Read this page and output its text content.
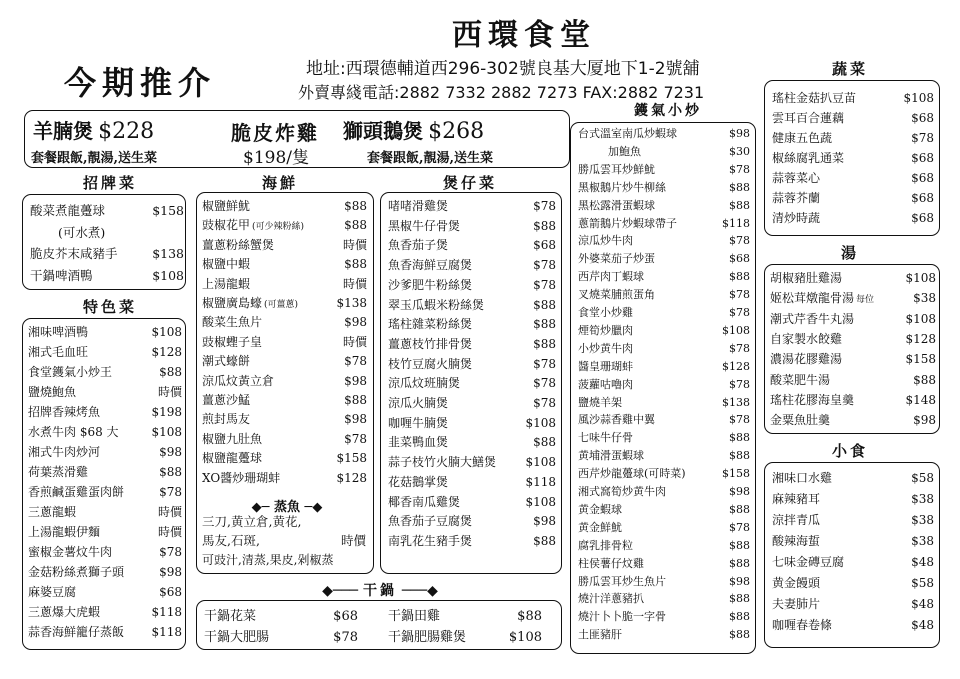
西環食堂
今期推介	地址:西環德輔道西296-302號良基大厦地下1-2號舖
外賣專綫電話:2882 7332 2882 7273 FAX:2882 7231
羊腩煲 $228
套餐跟飯,靚湯,送生菜
脆皮炸雞
$198/隻
獅頭鵝煲 $268
套餐跟飯,靚湯,送生菜
招牌菜
特色菜
海鮮	煲仔菜
鑊氣小炒
蔬菜
湯
小食
◆─── 干鍋 ───◆
◆─ 蒸魚 ─◆
三刀,黄立倉,黄花,
馬友,石斑,	時價
可豉汁,清蒸,果皮,剁椒蒸
酸菜煮龍躉球	$158
(可水煮)
脆皮芥末咸豬手	$138
干鍋啤酒鴨	$108
湘味啤酒鴨	$108
湘式毛血旺	$128
食堂鑊氣小炒王	$88
鹽燒鮑魚	時價
招牌香辣烤魚	$198
水煮牛肉 $68 大	$108
湘式牛肉炒河	$98
荷葉蒸滑雞	$88
香煎鹹蛋雞蛋肉餅	$78
三蔥龍蝦	時價
上湯龍蝦伊麵	時價
蜜椒金薯炆牛肉	$78
金菇粉絲煮獅子頭	$98
麻婆豆腐	$68
三蔥爆大虎蝦	$118
蒜香海鮮籠仔蒸飯 $118
椒鹽鮮魷	$88
豉椒花甲 (可少辣粉絲)	$88
薑蔥粉絲蟹煲	時價
椒鹽中蝦	$88
上湯龍蝦	時價
椒鹽廣島蠔 (可薑蔥)	$138
酸菜生魚片	$98
豉椒蟶子皇	時價
潮式蠔餅	$78
涼瓜炆黃立倉	$98
薑蔥沙鯭	$88
煎封馬友	$98
椒鹽九肚魚	$78
椒鹽龍躉球	$158
XO醬炒珊瑚蚌	$128
啫啫滑雞煲	$78
黑椒牛仔骨煲	$88
魚香茄子煲	$68
魚香海鮮豆腐煲	$78
沙爹肥牛粉絲煲	$78
翠玉瓜蝦米粉絲煲	$88
瑤柱雜菜粉絲煲	$88
薑蔥枝竹排骨煲	$88
枝竹豆腐火腩煲	$78
涼瓜炆班腩煲	$78
涼瓜火腩煲	$78
咖喱牛腩煲	$108
韭菜鴨血煲	$88
蒜子枝竹火腩大鱔煲 $108
花菇鵝掌煲	$118
椰香南瓜雞煲	$108
魚香茄子豆腐煲	$98
南乳花生豬手煲	$88
台式溫室南瓜炒蝦球	$98
加鮑魚	$30
勝瓜雲耳炒鮮魷	$78
黑椒鵝片炒牛柳絲	$88
黑松露滑蛋蝦球	$88
蔥箭鵝片炒蝦球帶子	$118
涼瓜炒牛肉	$78
外婆菜茄子炒蛋	$68
西芹肉丁蝦球	$88
叉燒菜脯煎蛋角	$78
食堂小炒雞	$78
煙筍炒臘肉	$108
小炒黄牛肉	$78
醬皇珊瑚蚌	$128
菠蘿咕嚕肉	$78
鹽燒羊架	$138
風沙蒜香雞中翼	$78
七味牛仔骨	$88
黄埔滑蛋蝦球	$88
西芹炒龍躉球(可時菜)	$158
湘式窩筍炒黄牛肉	$98
黄金蝦球	$88
黄金鮮魷	$78
腐乳排骨粒	$88
柱侯薯仔炆雞	$88
勝瓜雲耳炒生魚片	$98
燒汁洋蔥豬扒	$88
燒汁卜卜脆一字骨	$88
土匪豬肝	$88
瑤柱金菇扒豆苗	$108
雲耳百合蓮藕	$68
健康五色蔬	$78
椒絲腐乳通菜	$68
蒜蓉菜心	$68
蒜蓉芥蘭	$68
清炒時蔬	$68
胡椒豬肚雞湯	$108
姬松茸燉龍骨湯 每位	$38
潮式芹香牛丸湯	$108
自家製水餃雞	$128
濃湯花膠雞湯	$158
酸菜肥牛湯	$88
瑤柱花膠海皇羹	$148
金粟魚肚羹	$98
湘味口水雞	$58
麻辣豬耳	$38
涼拌青瓜	$38
酸辣海蜇	$38
七味金磚豆腐	$48
黄金饅頭	$58
夫妻肺片	$48
咖喱春卷條	$48
干鍋花菜	$68 干鍋田雞	$88
干鍋大肥腸	$78 干鍋肥腸雞煲	$108
